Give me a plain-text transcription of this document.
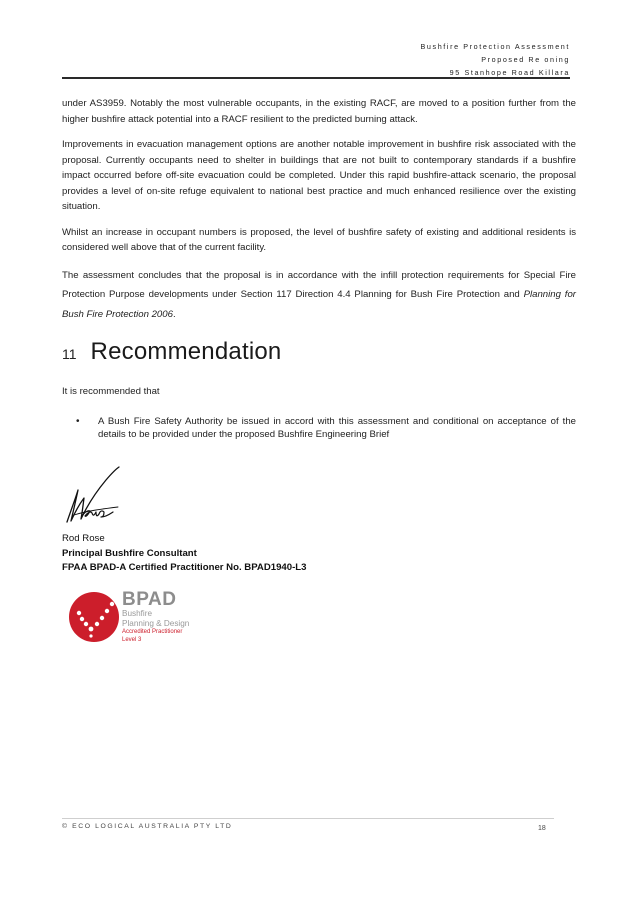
Bushfire Protection Assessment
Proposed Re oning
95 Stanhope Road Killara

under AS3959. Notably the most vulnerable occupants, in the existing RACF, are moved to a position further from the higher bushfire attack potential into a RACF resilient to the predicted burning attack.

Improvements in evacuation management options are another notable improvement in bushfire risk associated with the proposal. Currently occupants need to shelter in buildings that are not built to contemporary standards if a bushfire impact occurred before off-site evacuation could be completed. Under this rapid bushfire-attack scenario, the proposal provides a level of on-site refuge equivalent to national best practice and much enhanced resilience over the existing situation.

Whilst an increase in occupant numbers is proposed, the level of bushfire safety of existing and additional residents is considered well above that of the current facility.

The assessment concludes that the proposal is in accordance with the infill protection requirements for Special Fire Protection Purpose developments under Section 117 Direction 4.4 Planning for Bush Fire Protection and Planning for Bush Fire Protection 2006.

11 Recommendation
It is recommended that
•	A Bush Fire Safety Authority be issued in accord with this assessment and conditional on acceptance of the details to be provided under the proposed Bushfire Engineering Brief
Rod Rose
Principal Bushfire Consultant
FPAA BPAD-A Certified Practitioner No. BPAD1940-L3
BPAD
Bushfire
Planning & Design
Accredited Practitioner
Level 3
© ECO LOGICAL AUSTRALIA PTY LTD	18
